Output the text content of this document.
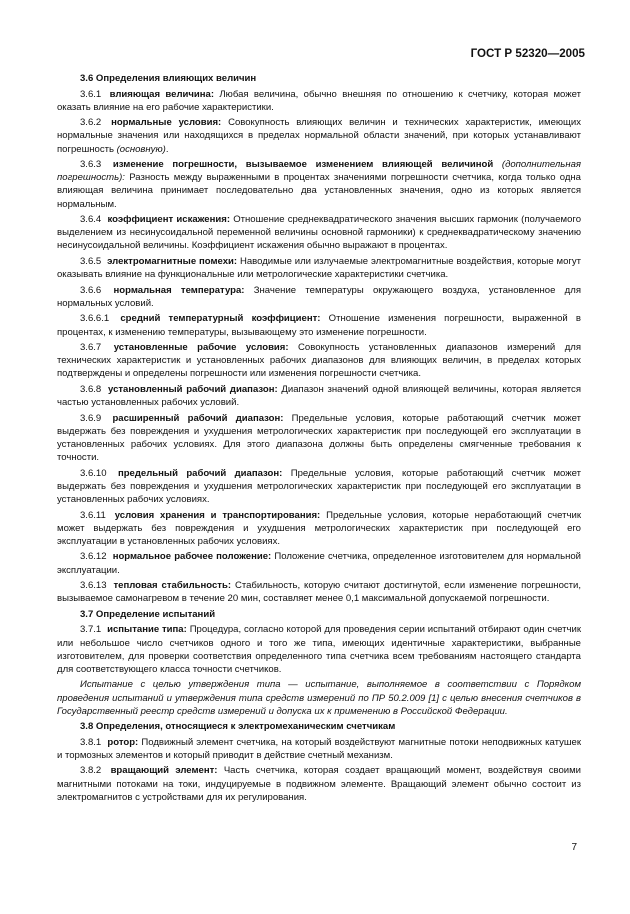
ГОСТ Р 52320—2005

3.6 Определения влияющих величин

3.6.1 влияющая величина: Любая величина, обычно внешняя по отношению к счетчику, которая может оказать влияние на его рабочие характеристики.

3.6.2 нормальные условия: Совокупность влияющих величин и технических характеристик, имеющих нормальные значения или находящихся в пределах нормальной области значений, при которых устанавливают погрешность (основную).

3.6.3 изменение погрешности, вызываемое изменением влияющей величиной (дополнительная погрешность): Разность между выраженными в процентах значениями погрешности счетчика, когда только одна влияющая величина принимает последовательно два установленных значения, одно из которых является нормальным.

3.6.4 коэффициент искажения: Отношение среднеквадратического значения высших гармоник (получаемого выделением из несинусоидальной переменной величины основной гармоники) к среднеквадратическому значению несинусоидальной величины. Коэффициент искажения обычно выражают в процентах.

3.6.5 электромагнитные помехи: Наводимые или излучаемые электромагнитные воздействия, которые могут оказывать влияние на функциональные или метрологические характеристики счетчика.

3.6.6 нормальная температура: Значение температуры окружающего воздуха, установленное для нормальных условий.

3.6.6.1 средний температурный коэффициент: Отношение изменения погрешности, выраженной в процентах, к изменению температуры, вызывающему это изменение погрешности.

3.6.7 установленные рабочие условия: Совокупность установленных диапазонов измерений для технических характеристик и установленных рабочих диапазонов для влияющих величин, в пределах которых подтверждены и определены погрешности или изменения погрешности счетчика.

3.6.8 установленный рабочий диапазон: Диапазон значений одной влияющей величины, которая является частью установленных рабочих условий.

3.6.9 расширенный рабочий диапазон: Предельные условия, которые работающий счетчик может выдержать без повреждения и ухудшения метрологических характеристик при последующей его эксплуатации в установленных рабочих условиях. Для этого диапазона должны быть определены смягченные требования к точности.

3.6.10 предельный рабочий диапазон: Предельные условия, которые работающий счетчик может выдержать без повреждения и ухудшения метрологических характеристик при последующей его эксплуатации в установленных рабочих условиях.

3.6.11 условия хранения и транспортирования: Предельные условия, которые неработающий счетчик может выдержать без повреждения и ухудшения метрологических характеристик при последующей его эксплуатации в установленных рабочих условиях.

3.6.12 нормальное рабочее положение: Положение счетчика, определенное изготовителем для нормальной эксплуатации.

3.6.13 тепловая стабильность: Стабильность, которую считают достигнутой, если изменение погрешности, вызываемое самонагревом в течение 20 мин, составляет менее 0,1 максимальной допускаемой погрешности.

3.7 Определение испытаний

3.7.1 испытание типа: Процедура, согласно которой для проведения серии испытаний отбирают один счетчик или небольшое число счетчиков одного и того же типа, имеющих идентичные характеристики, выбранные изготовителем, для проверки соответствия определенного типа счетчика всем требованиям настоящего стандарта для соответствующего класса точности счетчиков.

Испытание с целью утверждения типа — испытание, выполняемое в соответствии с Порядком проведения испытаний и утверждения типа средств измерений по ПР 50.2.009 [1] с целью внесения счетчиков в Государственный реестр средств измерений и допуска их к применению в Российской Федерации.

3.8 Определения, относящиеся к электромеханическим счетчикам

3.8.1 ротор: Подвижный элемент счетчика, на который воздействуют магнитные потоки неподвижных катушек и тормозных элементов и который приводит в действие счетный механизм.

3.8.2 вращающий элемент: Часть счетчика, которая создает вращающий момент, воздействуя своими магнитными потоками на токи, индуцируемые в подвижном элементе. Вращающий элемент обычно состоит из электромагнитов с устройствами для их регулирования.

7
